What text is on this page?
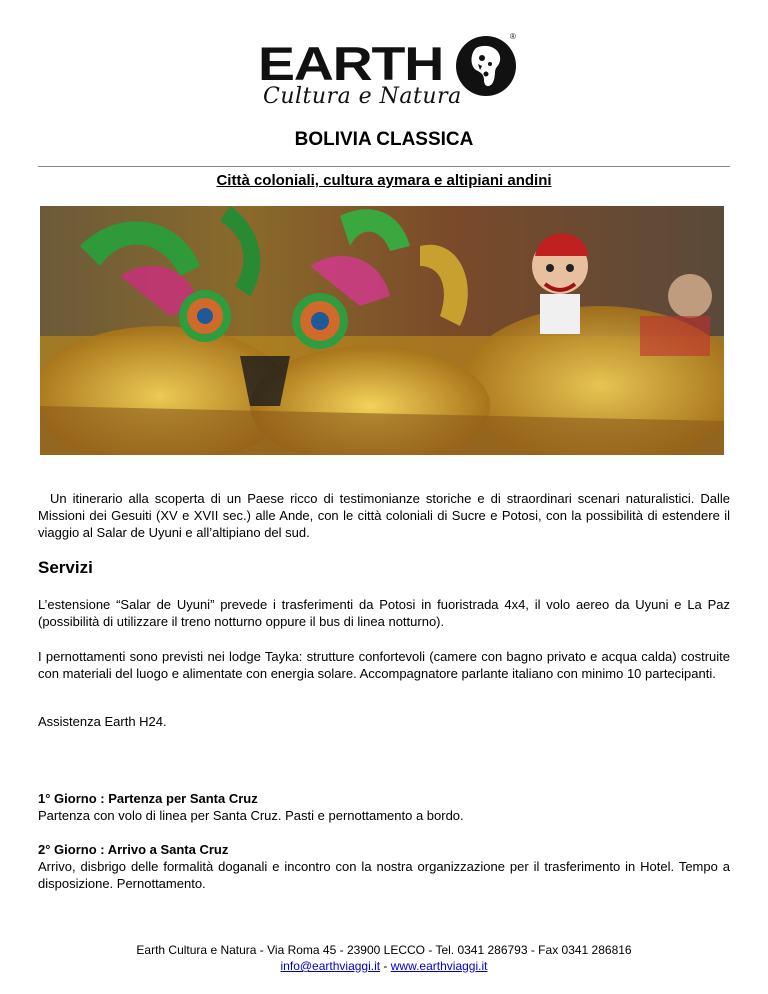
EARTH
®
Cultura e Natura
BOLIVIA CLASSICA
Città coloniali, cultura aymara e altipiani andini
Un itinerario alla scoperta di un Paese ricco di testimonianze storiche e di straordinari scenari naturalistici. Dalle Missioni dei Gesuiti (XV e XVII sec.) alle Ande, con le città coloniali di Sucre e Potosi, con la possibilità di estendere il viaggio al Salar de Uyuni e all’altipiano del sud.
Servizi
L’estensione “Salar de Uyuni” prevede i trasferimenti da Potosi in fuoristrada 4x4, il volo aereo da Uyuni e La Paz (possibilità di utilizzare il treno notturno oppure il bus di linea notturno).
I pernottamenti sono previsti nei lodge Tayka: strutture confortevoli (camere con bagno privato e acqua calda) costruite con materiali del luogo e alimentate con energia solare. Accompagnatore parlante italiano con minimo 10 partecipanti.
Assistenza Earth H24.
1° Giorno : Partenza per Santa Cruz
Partenza con volo di linea per Santa Cruz. Pasti e pernottamento a bordo.
2° Giorno : Arrivo a Santa Cruz
Arrivo, disbrigo delle formalità doganali e incontro con la nostra organizzazione per il trasferimento in Hotel. Tempo a disposizione. Pernottamento.
Earth Cultura e Natura - Via Roma 45 - 23900 LECCO - Tel. 0341 286793 - Fax 0341 286816
info@earthviaggi.it - www.earthviaggi.it
